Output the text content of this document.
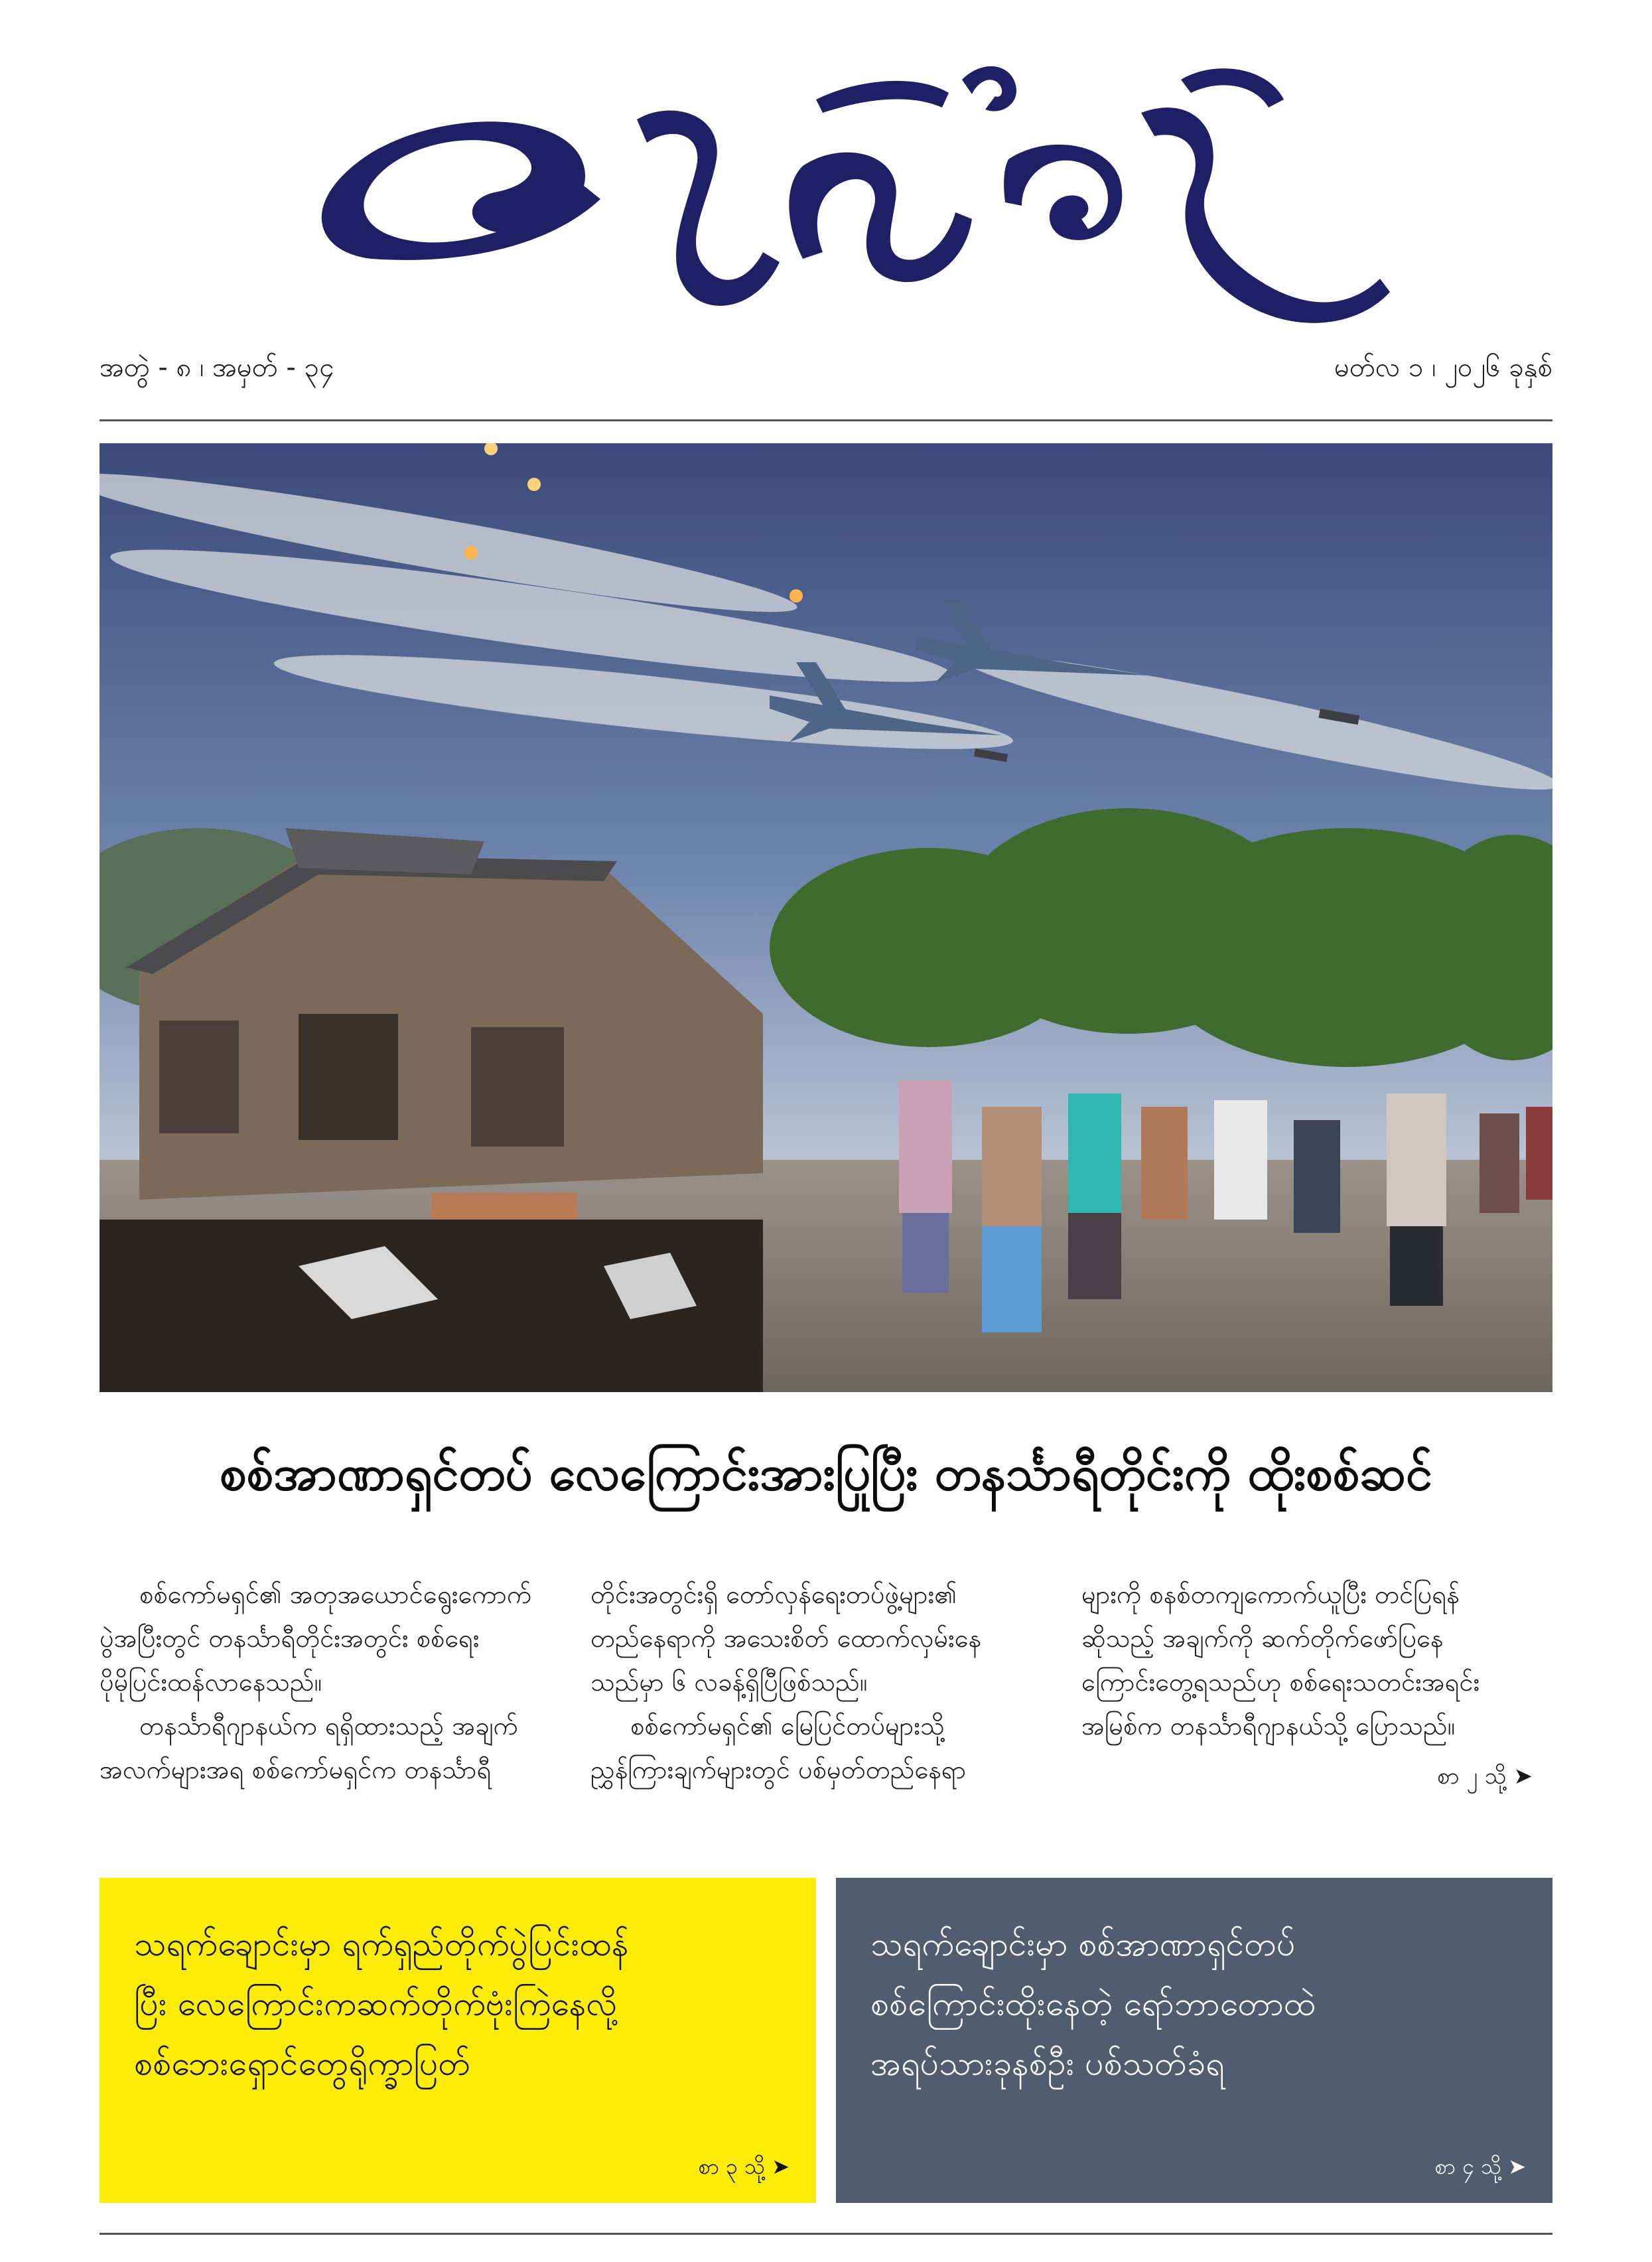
အတွဲ - ၈ ၊ အမှတ် - ၃၄	မတ်လ ၁ ၊ ၂၀၂၆ ခုနှစ်
စစ်အာဏာရှင်တပ် လေကြောင်းအားပြုပြီး တနင်္သာရီတိုင်းကို ထိုးစစ်ဆင်

စစ်ကော်မရှင်၏ အတုအယောင်ရွေးကောက်

ပွဲအပြီးတွင် တနင်္သာရီတိုင်းအတွင်း စစ်ရေး

ပိုမိုပြင်းထန်လာနေသည်။

တနင်္သာရီဂျာနယ်က ရရှိထားသည့် အချက်

အလက်များအရ စစ်ကော်မရှင်က တနင်္သာရီ

တိုင်းအတွင်းရှိ တော်လှန်ရေးတပ်ဖွဲ့များ၏

တည်နေရာကို အသေးစိတ် ထောက်လှမ်းနေ

သည်မှာ ၆ လခန့်ရှိပြီဖြစ်သည်။

စစ်ကော်မရှင်၏ မြေပြင်တပ်များသို့

ညွှန်ကြားချက်များတွင် ပစ်မှတ်တည်နေရာ

များကို စနစ်တကျကောက်ယူပြီး တင်ပြရန်

ဆိုသည့် အချက်ကို ဆက်တိုက်ဖော်ပြနေ

ကြောင်းတွေ့ရသည်ဟု စစ်ရေးသတင်းအရင်း

အမြစ်က တနင်္သာရီဂျာနယ်သို့ ပြောသည်။

စာ ၂ သို့ ➤
သရက်ချောင်းမှာ ရက်ရှည်တိုက်ပွဲပြင်းထန်
ပြီး လေကြောင်းကဆက်တိုက်ဗုံးကြဲနေလို့
စစ်ဘေးရှောင်တွေရိုက္ခာပြတ်
စာ ၃ သို့ ➤
သရက်ချောင်းမှာ စစ်အာဏာရှင်တပ်
စစ်ကြောင်းထိုးနေတဲ့ ရော်ဘာတောထဲ
အရပ်သားခုနစ်ဦး ပစ်သတ်ခံရ
စာ ၄ သို့ ➤
